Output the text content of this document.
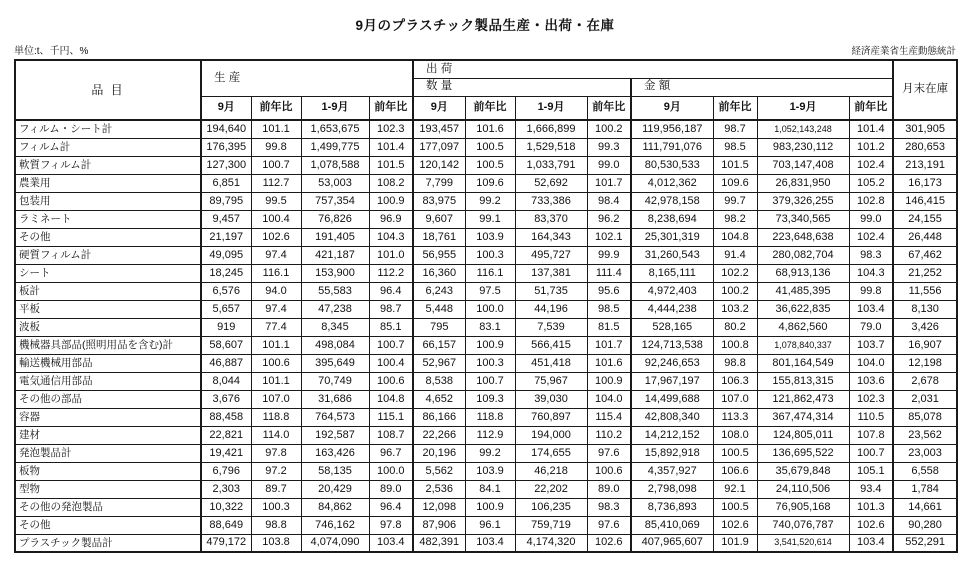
9月のプラスチック製品生産・出荷・在庫
単位:t、千円、%	経済産業省生産動態統計
品 目	生 産				出 荷								月末在庫
					数 量				金 額				
	9月	前年比	1-9月	前年比	9月	前年比	1-9月	前年比	9月	前年比	1-9月	前年比	
フィルム・シート計	194,640	101.1	1,653,675	102.3	193,457	101.6	1,666,899	100.2	119,956,187	98.7	1,052,143,248	101.4	301,905
フィルム計	176,395	99.8	1,499,775	101.4	177,097	100.5	1,529,518	99.3	111,791,076	98.5	983,230,112	101.2	280,653
軟質フィルム計	127,300	100.7	1,078,588	101.5	120,142	100.5	1,033,791	99.0	80,530,533	101.5	703,147,408	102.4	213,191
農業用	6,851	112.7	53,003	108.2	7,799	109.6	52,692	101.7	4,012,362	109.6	26,831,950	105.2	16,173
包装用	89,795	99.5	757,354	100.9	83,975	99.2	733,386	98.4	42,978,158	99.7	379,326,255	102.8	146,415
ラミネート	9,457	100.4	76,826	96.9	9,607	99.1	83,370	96.2	8,238,694	98.2	73,340,565	99.0	24,155
その他	21,197	102.6	191,405	104.3	18,761	103.9	164,343	102.1	25,301,319	104.8	223,648,638	102.4	26,448
硬質フィルム計	49,095	97.4	421,187	101.0	56,955	100.3	495,727	99.9	31,260,543	91.4	280,082,704	98.3	67,462
シート	18,245	116.1	153,900	112.2	16,360	116.1	137,381	111.4	8,165,111	102.2	68,913,136	104.3	21,252
板計	6,576	94.0	55,583	96.4	6,243	97.5	51,735	95.6	4,972,403	100.2	41,485,395	99.8	11,556
平板	5,657	97.4	47,238	98.7	5,448	100.0	44,196	98.5	4,444,238	103.2	36,622,835	103.4	8,130
波板	919	77.4	8,345	85.1	795	83.1	7,539	81.5	528,165	80.2	4,862,560	79.0	3,426
機械器具部品(照明用品を含む)計	58,607	101.1	498,084	100.7	66,157	100.9	566,415	101.7	124,713,538	100.8	1,078,840,337	103.7	16,907
輸送機械用部品	46,887	100.6	395,649	100.4	52,967	100.3	451,418	101.6	92,246,653	98.8	801,164,549	104.0	12,198
電気通信用部品	8,044	101.1	70,749	100.6	8,538	100.7	75,967	100.9	17,967,197	106.3	155,813,315	103.6	2,678
その他の部品	3,676	107.0	31,686	104.8	4,652	109.3	39,030	104.0	14,499,688	107.0	121,862,473	102.3	2,031
容器	88,458	118.8	764,573	115.1	86,166	118.8	760,897	115.4	42,808,340	113.3	367,474,314	110.5	85,078
建材	22,821	114.0	192,587	108.7	22,266	112.9	194,000	110.2	14,212,152	108.0	124,805,011	107.8	23,562
発泡製品計	19,421	97.8	163,426	96.7	20,196	99.2	174,655	97.6	15,892,918	100.5	136,695,522	100.7	23,003
板物	6,796	97.2	58,135	100.0	5,562	103.9	46,218	100.6	4,357,927	106.6	35,679,848	105.1	6,558
型物	2,303	89.7	20,429	89.0	2,536	84.1	22,202	89.0	2,798,098	92.1	24,110,506	93.4	1,784
その他の発泡製品	10,322	100.3	84,862	96.4	12,098	100.9	106,235	98.3	8,736,893	100.5	76,905,168	101.3	14,661
その他	88,649	98.8	746,162	97.8	87,906	96.1	759,719	97.6	85,410,069	102.6	740,076,787	102.6	90,280
プラスチック製品計	479,172	103.8	4,074,090	103.4	482,391	103.4	4,174,320	102.6	407,965,607	101.9	3,541,520,614	103.4	552,291
